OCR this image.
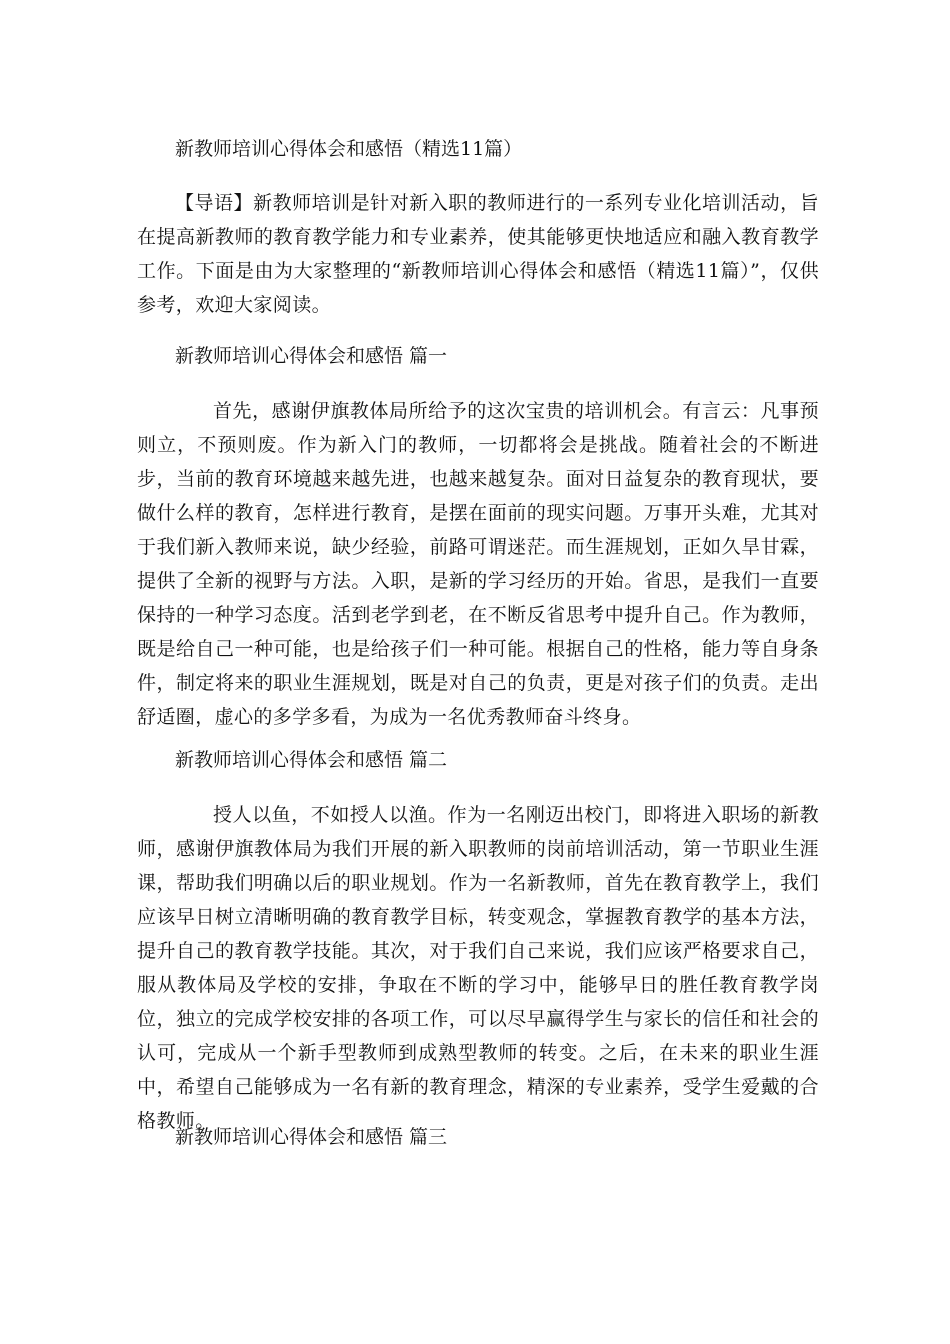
新教师培训心得体会和感悟（精选11篇）

【导语】新教师培训是针对新入职的教师进行的一系列专业化培训活动，旨在提高新教师的教育教学能力和专业素养，使其能够更快地适应和融入教育教学工作。下面是由为大家整理的“新教师培训心得体会和感悟（精选11篇）”，仅供参考，欢迎大家阅读。

新教师培训心得体会和感悟 篇一

首先，感谢伊旗教体局所给予的这次宝贵的培训机会。有言云：凡事预则立，不预则废。作为新入门的教师，一切都将会是挑战。随着社会的不断进步，当前的教育环境越来越先进，也越来越复杂。面对日益复杂的教育现状，要做什么样的教育，怎样进行教育，是摆在面前的现实问题。万事开头难，尤其对于我们新入教师来说，缺少经验，前路可谓迷茫。而生涯规划，正如久旱甘霖，提供了全新的视野与方法。入职，是新的学习经历的开始。省思，是我们一直要保持的一种学习态度。活到老学到老，在不断反省思考中提升自己。作为教师，既是给自己一种可能，也是给孩子们一种可能。根据自己的性格，能力等自身条件，制定将来的职业生涯规划，既是对自己的负责，更是对孩子们的负责。走出舒适圈，虚心的多学多看，为成为一名优秀教师奋斗终身。

新教师培训心得体会和感悟 篇二

授人以鱼，不如授人以渔。作为一名刚迈出校门，即将进入职场的新教师，感谢伊旗教体局为我们开展的新入职教师的岗前培训活动，第一节职业生涯课，帮助我们明确以后的职业规划。作为一名新教师，首先在教育教学上，我们应该早日树立清晰明确的教育教学目标，转变观念，掌握教育教学的基本方法，提升自己的教育教学技能。其次，对于我们自己来说，我们应该严格要求自己，服从教体局及学校的安排，争取在不断的学习中，能够早日的胜任教育教学岗位，独立的完成学校安排的各项工作，可以尽早赢得学生与家长的信任和社会的认可，完成从一个新手型教师到成熟型教师的转变。之后，在未来的职业生涯中，希望自己能够成为一名有新的教育理念，精深的专业素养，受学生爱戴的合格教师。

新教师培训心得体会和感悟 篇三
